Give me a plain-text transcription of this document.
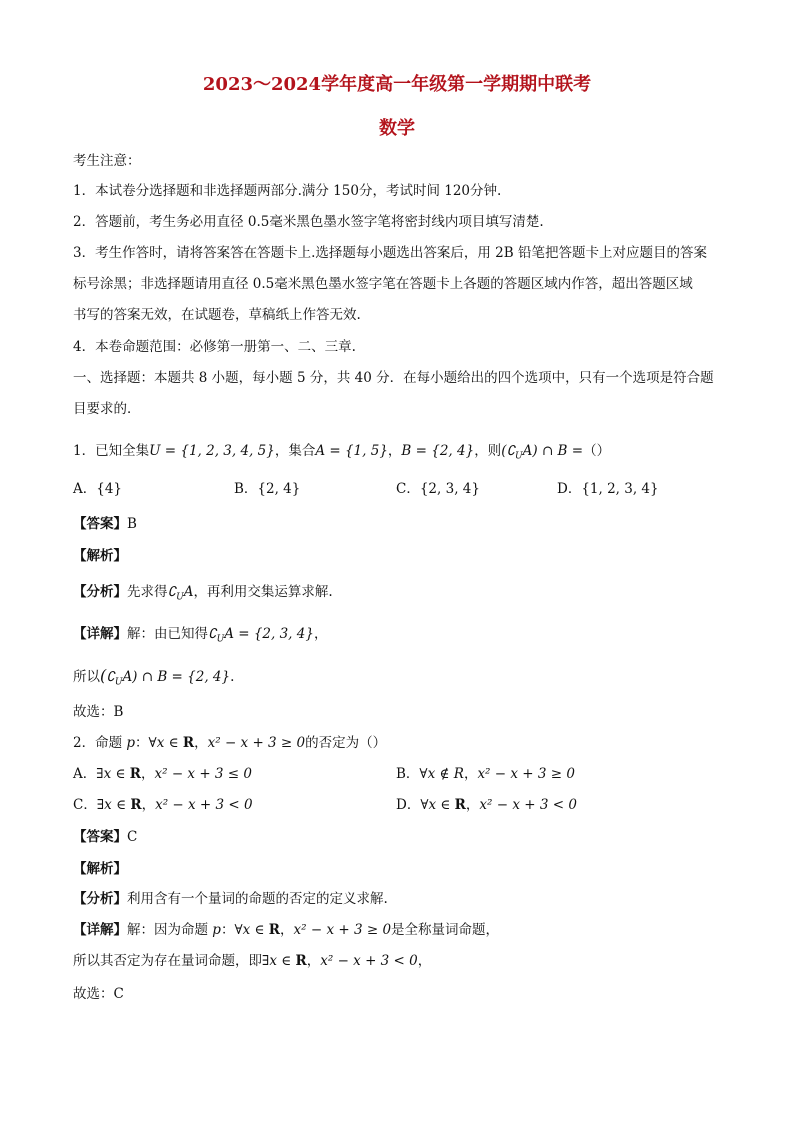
2023～2024学年度高一年级第一学期期中联考
数学
考生注意：
1．本试卷分选择题和非选择题两部分.满分 150分，考试时间 120分钟.
2．答题前，考生务必用直径 0.5毫米黑色墨水签字笔将密封线内项目填写清楚.
3．考生作答时，请将答案答在答题卡上.选择题每小题选出答案后，用 2B 铅笔把答题卡上对应题目的答案
标号涂黑；非选择题请用直径 0.5毫米黑色墨水签字笔在答题卡上各题的答题区域内作答，超出答题区域
书写的答案无效，在试题卷，草稿纸上作答无效.
4．本卷命题范围：必修第一册第一、二、三章.
一、选择题：本题共 8 小题，每小题 5 分，共 40 分．在每小题给出的四个选项中，只有一个选项是符合题
目要求的．
1．已知全集U = {1, 2, 3, 4, 5}，集合A = {1, 5}，B = {2, 4}，则$(∁_UA)$ ∩ B =（）
A．{4}	B．{2, 4}	C．{2, 3, 4}	D．{1, 2, 3, 4}
【答案】B
【解析】
【分析】先求得$∁_UA$，再利用交集运算求解.
【详解】解：由已知得$∁_UA = \{2$, 3, 4}，
所以$(∁_UA)$ ∩ B = {2, 4}.
故选：B
2．命题 p：∀x ∈ R，x² − x + 3 ≥ 0的否定为（）
A．∃x ∈ R，x² − x + 3 ≤ 0	B．∀x ∉ R，x² − x + 3 ≥ 0
C．∃x ∈ R，x² − x + 3 < 0	D．∀x ∈ R，x² − x + 3 < 0
【答案】C
【解析】
【分析】利用含有一个量词的命题的否定的定义求解.
【详解】解：因为命题 p：∀x ∈ R，x² − x + 3 ≥ 0是全称量词命题，
所以其否定为存在量词命题，即∃x ∈ R，x² − x + 3 < 0，
故选：C
